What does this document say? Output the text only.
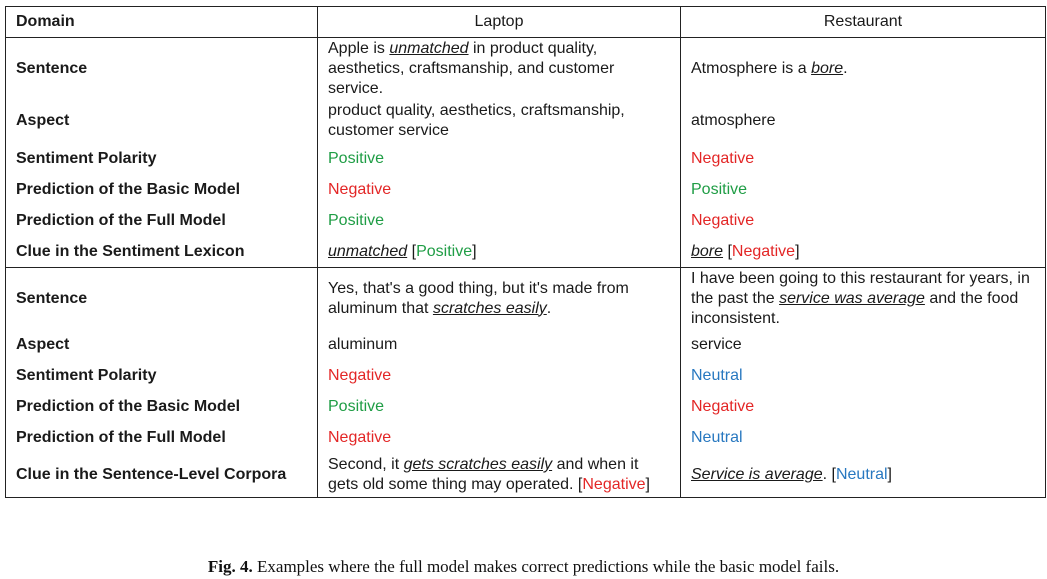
Domain	Laptop	Restaurant
Sentence	Apple is unmatched in product quality, aesthetics, craftsmanship, and customer service.	Atmosphere is a bore.
Aspect	product quality, aesthetics, craftsmanship, customer service	atmosphere
Sentiment Polarity	Positive	Negative
Prediction of the Basic Model	Negative	Positive
Prediction of the Full Model	Positive	Negative
Clue in the Sentiment Lexicon	unmatched [Positive]	bore [Negative]
Sentence	Yes, that's a good thing, but it's made from aluminum that scratches easily.	I have been going to this restaurant for years, in the past the service was average and the food inconsistent.
Aspect	aluminum	service
Sentiment Polarity	Negative	Neutral
Prediction of the Basic Model	Positive	Negative
Prediction of the Full Model	Negative	Neutral
Clue in the Sentence-Level Corpora	Second, it gets scratches easily and when it gets old some thing may operated. [Negative]	Service is average. [Neutral]
Fig. 4. Examples where the full model makes correct predictions while the basic model fails.
